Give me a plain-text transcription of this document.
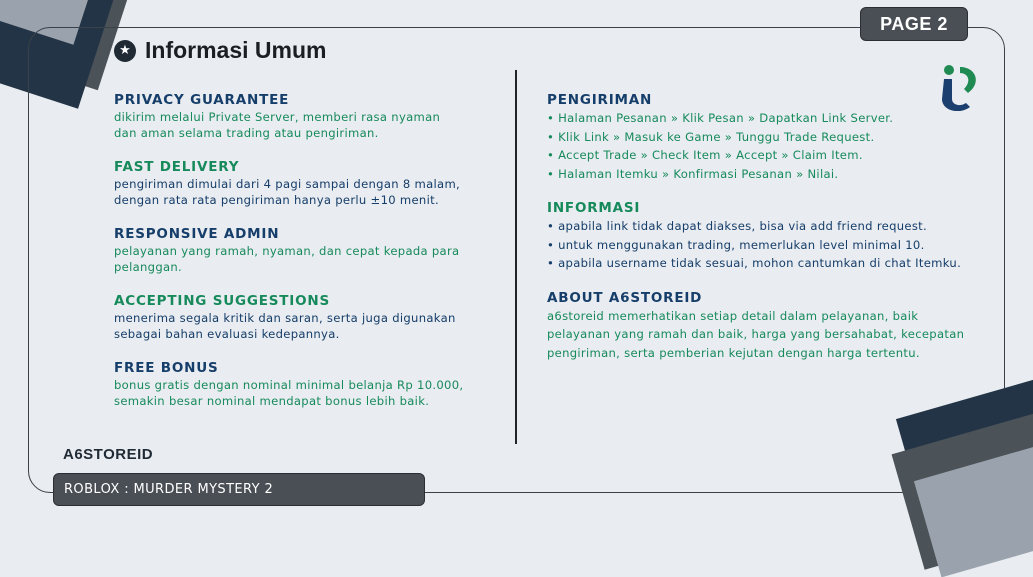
PAGE 2
★ Informasi Umum
PRIVACY GUARANTEE
dikirim melalui Private Server, memberi rasa nyaman dan aman selama trading atau pengiriman.
FAST DELIVERY
pengiriman dimulai dari 4 pagi sampai dengan 8 malam, dengan rata rata pengiriman hanya perlu ±10 menit.
RESPONSIVE ADMIN
pelayanan yang ramah, nyaman, dan cepat kepada para pelanggan.
ACCEPTING SUGGESTIONS
menerima segala kritik dan saran, serta juga digunakan sebagai bahan evaluasi kedepannya.
FREE BONUS
bonus gratis dengan nominal minimal belanja Rp 10.000, semakin besar nominal mendapat bonus lebih baik.
PENGIRIMAN
• Halaman Pesanan » Klik Pesan » Dapatkan Link Server.
• Klik Link » Masuk ke Game » Tunggu Trade Request.
• Accept Trade » Check Item » Accept » Claim Item.
• Halaman Itemku » Konfirmasi Pesanan » Nilai.
INFORMASI
• apabila link tidak dapat diakses, bisa via add friend request.
• untuk menggunakan trading, memerlukan level minimal 10.
• apabila username tidak sesuai, mohon cantumkan di chat Itemku.
ABOUT A6STOREID
a6storeid memerhatikan setiap detail dalam pelayanan, baik pelayanan yang ramah dan baik, harga yang bersahabat, kecepatan pengiriman, serta pemberian kejutan dengan harga tertentu.
A6STOREID
ROBLOX : MURDER MYSTERY 2
